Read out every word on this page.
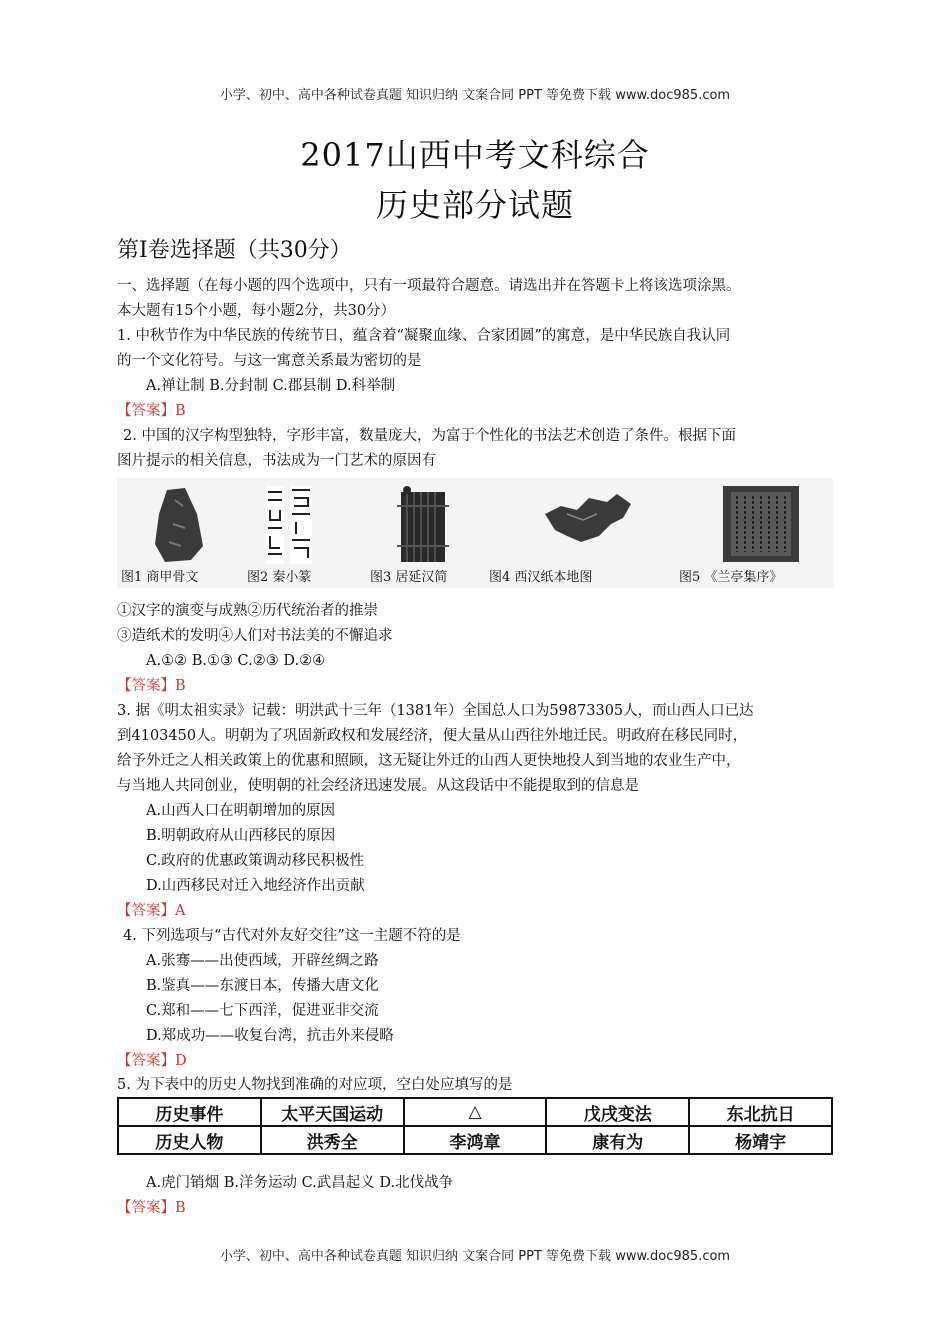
小学、初中、高中各种试卷真题 知识归纳 文案合同 PPT 等免费下载 www.doc985.com
2017山西中考文科综合
历史部分试题
第Ⅰ卷选择题（共30分）
一、选择题（在每小题的四个选项中，只有一项最符合题意。请选出并在答题卡上将该选项涂黑。
本大题有15个小题，每小题2分，共30分）
1. 中秋节作为中华民族的传统节日，蕴含着“凝聚血缘、合家团圆”的寓意，是中华民族自我认同
的一个文化符号。与这一寓意关系最为密切的是
A.禅让制 B.分封制 C.郡县制 D.科举制
【答案】B
2. 中国的汉字构型独特，字形丰富，数量庞大，为富于个性化的书法艺术创造了条件。根据下面
图片提示的相关信息，书法成为一门艺术的原因有
图1 商甲骨文	图2 秦小篆	图3 居延汉简	图4 西汉纸本地图	图5 《兰亭集序》
①汉字的演变与成熟②历代统治者的推崇
③造纸术的发明④人们对书法美的不懈追求
A.①② B.①③ C.②③ D.②④
【答案】B
3. 据《明太祖实录》记载：明洪武十三年（1381年）全国总人口为59873305人，而山西人口已达
到4103450人。明朝为了巩固新政权和发展经济，便大量从山西往外地迁民。明政府在移民同时，
给予外迁之人相关政策上的优惠和照顾，这无疑让外迁的山西人更快地投人到当地的农业生产中，
与当地人共同创业，使明朝的社会经济迅速发展。从这段话中不能提取到的信息是
A.山西人口在明朝增加的原因
B.明朝政府从山西移民的原因
C.政府的优惠政策调动移民积极性
D.山西移民对迁入地经济作出贡献
【答案】A
4. 下列选项与“古代对外友好交往”这一主题不符的是
A.张骞——出使西域，开辟丝绸之路
B.鉴真——东渡日本，传播大唐文化
C.郑和——七下西洋，促进亚非交流
D.郑成功——收复台湾，抗击外来侵略
【答案】D
5. 为下表中的历史人物找到准确的对应项，空白处应填写的是
历史事件	太平天国运动	△	戊戌变法	东北抗日
历史人物	洪秀全	李鸿章	康有为	杨靖宇
A.虎门销烟 B.洋务运动 C.武昌起义 D.北伐战争
【答案】B
小学、初中、高中各种试卷真题 知识归纳 文案合同 PPT 等免费下载 www.doc985.com
